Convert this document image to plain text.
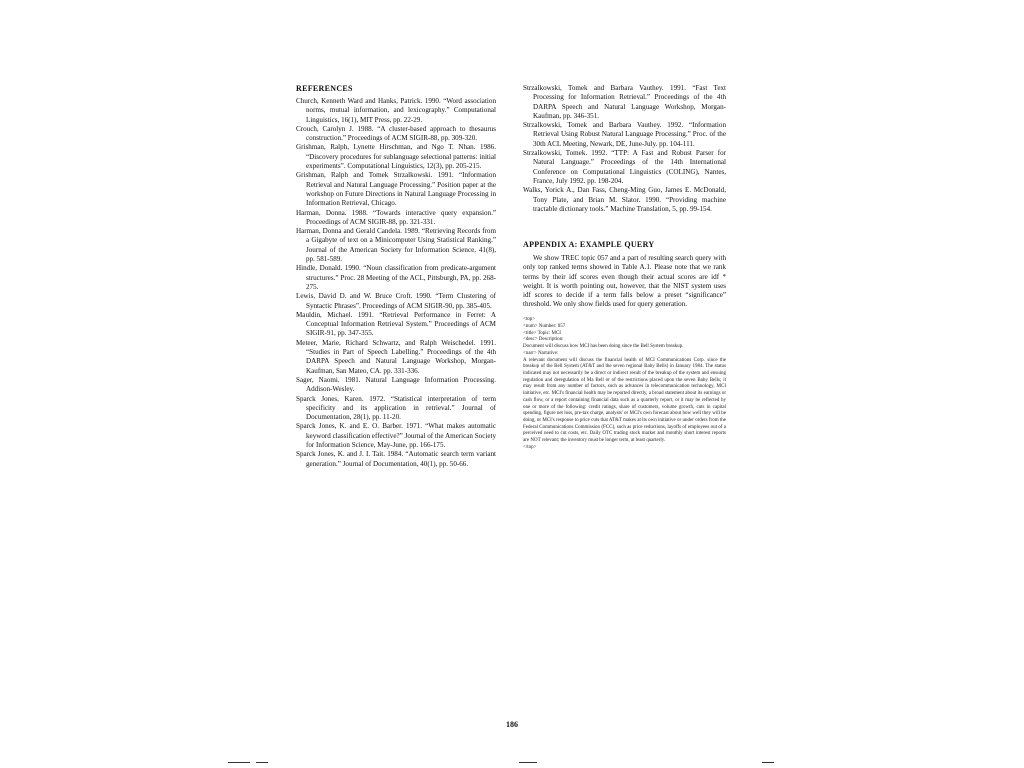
REFERENCES

Church, Kenneth Ward and Hanks, Patrick. 1990. “Word association norms, mutual information, and lexicography.” Computational Linguistics, 16(1), MIT Press, pp. 22-29.

Crouch, Carolyn J. 1988. “A cluster-based approach to thesaurus construction.” Proceedings of ACM SIGIR-88, pp. 309-320.

Grishman, Ralph, Lynette Hirschman, and Ngo T. Nhan. 1986. “Discovery procedures for sublanguage selectional patterns: initial experiments”. Computational Linguistics, 12(3), pp. 205-215.

Grishman, Ralph and Tomek Strzalkowski. 1991. “Information Retrieval and Natural Language Processing.” Position paper at the workshop on Future Directions in Natural Language Processing in Information Retrieval, Chicago.

Harman, Donna. 1988. “Towards interactive query expansion.” Proceedings of ACM SIGIR-88, pp. 321-331.

Harman, Donna and Gerald Candela. 1989. “Retrieving Records from a Gigabyte of text on a Minicomputer Using Statistical Ranking.” Journal of the American Society for Information Science, 41(8), pp. 581-589.

Hindle, Donald. 1990. “Noun classification from predicate-argument structures.” Proc. 28 Meeting of the ACL, Pittsburgh, PA, pp. 268-275.

Lewis, David D. and W. Bruce Croft. 1990. “Term Clustering of Syntactic Phrases”. Proceedings of ACM SIGIR-90, pp. 385-405.

Mauldin, Michael. 1991. “Retrieval Performance in Ferret: A Conceptual Information Retrieval System.” Proceedings of ACM SIGIR-91, pp. 347-355.

Meteer, Marie, Richard Schwartz, and Ralph Weischedel. 1991. “Studies in Part of Speech Labelling.” Proceedings of the 4th DARPA Speech and Natural Language Workshop, Morgan-Kaufman, San Mateo, CA. pp. 331-336.

Sager, Naomi. 1981. Natural Language Information Processing. Addison-Wesley.

Sparck Jones, Karen. 1972. “Statistical interpretation of term specificity and its application in retrieval.” Journal of Documentation, 28(1), pp. 11-20.

Sparck Jones, K. and E. O. Barber. 1971. “What makes automatic keyword classification effective?” Journal of the American Society for Information Science, May-June, pp. 166-175.

Sparck Jones, K. and J. I. Tait. 1984. “Automatic search term variant generation.” Journal of Documentation, 40(1), pp. 50-66.

Strzalkowski, Tomek and Barbara Vauthey. 1991. “Fast Text Processing for Information Retrieval.” Proceedings of the 4th DARPA Speech and Natural Language Workshop, Morgan-Kaufman, pp. 346-351.

Strzalkowski, Tomek and Barbara Vauthey. 1992. “Information Retrieval Using Robust Natural Language Processing.” Proc. of the 30th ACL Meeting, Newark, DE, June-July. pp. 104-111.

Strzalkowski, Tomek. 1992. “TTP: A Fast and Robust Parser for Natural Language.” Proceedings of the 14th International Conference on Computational Linguistics (COLING), Nantes, France, July 1992. pp. 198-204.

Walks, Yorick A., Dan Fass, Cheng-Ming Guo, James E. McDonald, Tony Plate, and Brian M. Slator. 1990. “Providing machine tractable dictionary tools.” Machine Translation, 5, pp. 99-154.

APPENDIX A: EXAMPLE QUERY

We show TREC topic 057 and a part of resulting search query with only top ranked terms showed in Table A.1. Please note that we rank terms by their idf scores even though their actual scores are idf * weight. It is worth pointing out, however, that the NIST system uses idf scores to decide if a term falls below a preset “significance” threshold. We only show fields used for query generation.

<top>
<num> Number: 057
<title> Topic: MCI
<desc> Description:
Document will discuss how MCI has been doing since the Bell System breakup.
<narr> Narrative:
A relevant document will discuss the financial health of MCI Communications Corp. since the breakup of the Bell System (AT&T and the seven regional Baby Bells) in January 1984. The status indicated may not necessarily be a direct or indirect result of the breakup of the system and ensuing regulation and deregulation of Ma Bell or of the restrictions placed upon the seven Baby Bells; it may result from any number of factors, such as advances in telecommunication technology, MCI initiative, etc. MCI's financial health may be reported directly, a broad statement about its earnings or cash flow, or a report containing financial data such as a quarterly report, or it may be reflected by one or more of the following: credit ratings, share of customers, volume growth, cuts in capital spending, figure net loss, pre-tax charge, analysts' or MCI's own forecast about how well they will be doing, or MCI's response to price cuts that AT&T makes at its own initiative or under orders from the Federal Communications Commission (FCC), such as price reductions, layoffs of employees out of a perceived need to cut costs, etc. Daily OTC trading stock market and monthly short interest reports are NOT relevant; the inventory must be longer term, at least quarterly.
</top>
186
